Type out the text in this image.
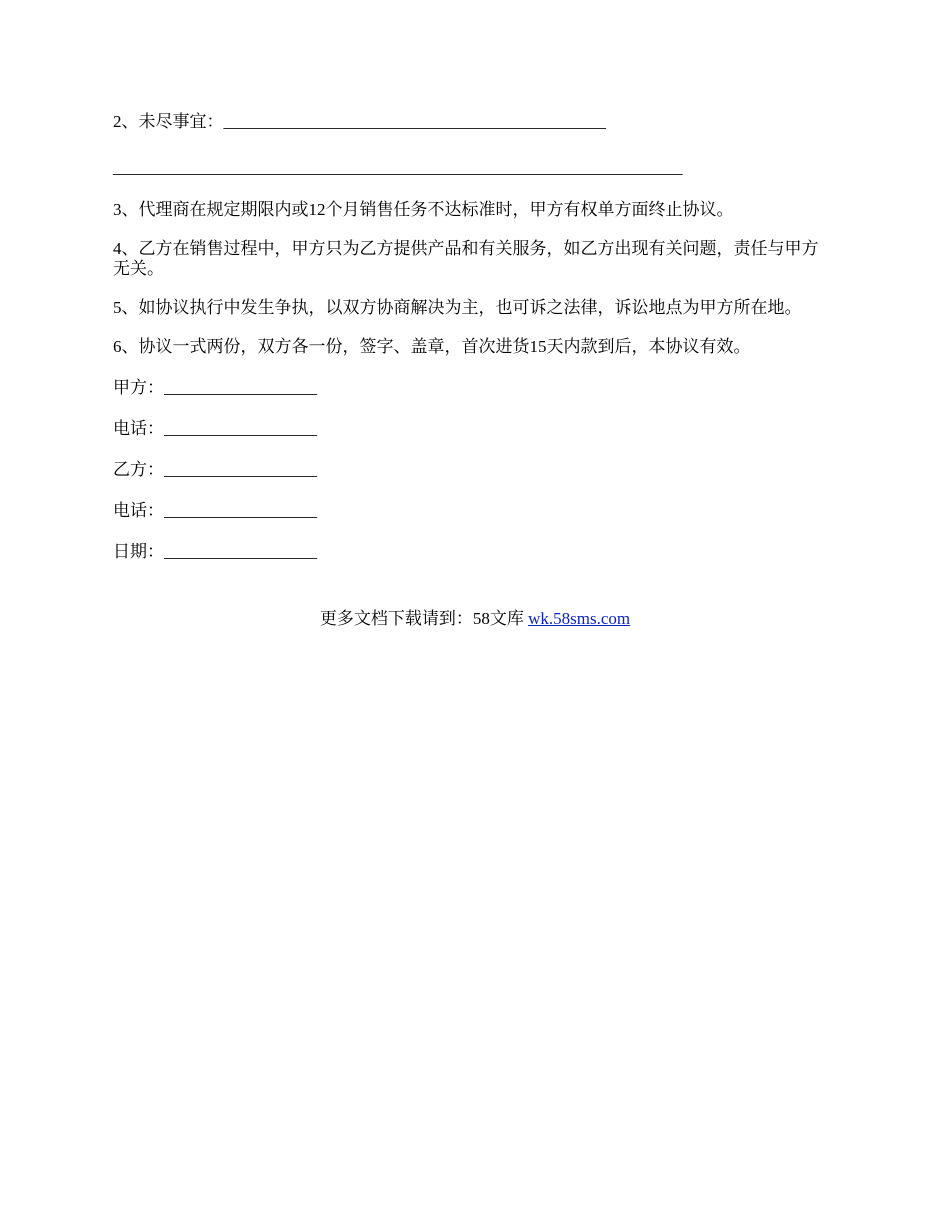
2、未尽事宜：_____________________________________________

___________________________________________________________________

3、代理商在规定期限内或12个月销售任务不达标准时，甲方有权单方面终止协议。

4、乙方在销售过程中，甲方只为乙方提供产品和有关服务，如乙方出现有关问题，责任与甲方无关。

5、如协议执行中发生争执，以双方协商解决为主，也可诉之法律，诉讼地点为甲方所在地。

6、协议一式两份，双方各一份，签字、盖章，首次进货15天内款到后，本协议有效。

甲方：__________________

电话：__________________

乙方：__________________

电话：__________________

日期：__________________

更多文档下载请到：58文库 wk.58sms.com
